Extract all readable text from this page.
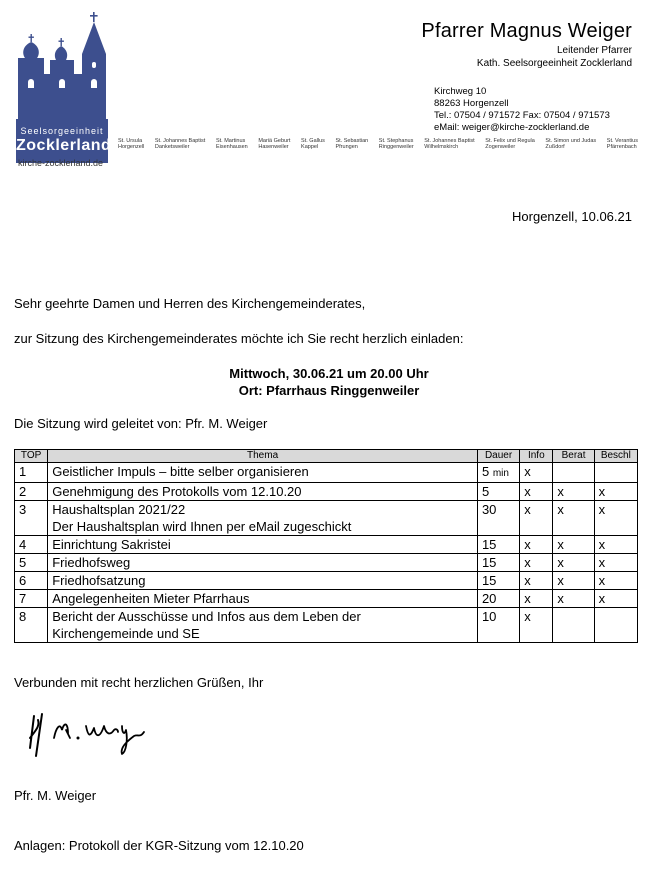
Seelsorgeeinheit
Zocklerland
kirche-zocklerland.de
St. Ursula
Horgenzell
St. Johannes Baptist
Danketsweiler
St. Martinus
Eisenhausen
Mariä Geburt
Hasenweiler
St. Gallus
Kappel
St. Sebastian
Pfrungen
St. Stephanus
Ringgenweiler
St. Johannes Baptist
Wilhelmskirch
St. Felix und Regula
Zogenweiler
St. Simon und Judas
Zußdorf
St. Verantius
Pfärrenbach
Pfarrer Magnus Weiger
Leitender Pfarrer
Kath. Seelsorgeeinheit Zocklerland
Kirchweg 10
88263 Horgenzell
Tel.: 07504 / 971572 Fax: 07504 / 971573
eMail: weiger@kirche-zocklerland.de
Horgenzell, 10.06.21
Sehr geehrte Damen und Herren des Kirchengemeinderates,
zur Sitzung des Kirchengemeinderates möchte ich Sie recht herzlich einladen:
Mittwoch, 30.06.21 um 20.00 Uhr
Ort: Pfarrhaus Ringgenweiler
Die Sitzung wird geleitet von: Pfr. M. Weiger
TOP	Thema	Dauer	Info	Berat	Beschl
1	Geistlicher Impuls – bitte selber organisieren	5 min	x		
2	Genehmigung des Protokolls vom 12.10.20	5	x	x	x
3	Haushaltsplan 2021/22
Der Haushaltsplan wird Ihnen per eMail zugeschickt	30	x	x	x
4	Einrichtung Sakristei	15	x	x	x
5	Friedhofsweg	15	x	x	x
6	Friedhofsatzung	15	x	x	x
7	Angelegenheiten Mieter Pfarrhaus	20	x	x	x
8	Bericht der Ausschüsse und Infos aus dem Leben der
Kirchengemeinde und SE	10	x		
Verbunden mit recht herzlichen Grüßen, Ihr
Pfr. M. Weiger
Anlagen: Protokoll der KGR-Sitzung vom 12.10.20
